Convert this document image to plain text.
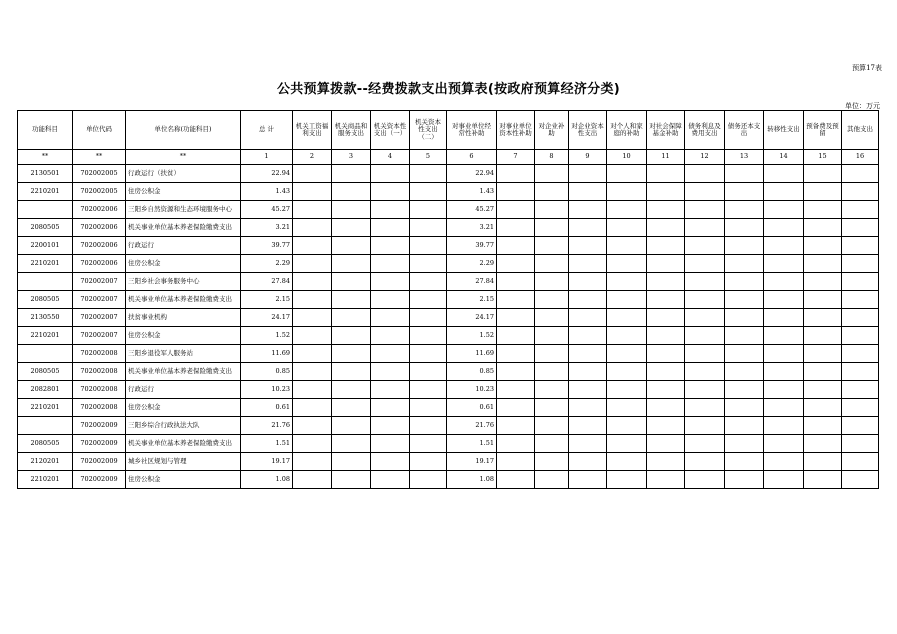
预算17表
公共预算拨款--经费拨款支出预算表(按政府预算经济分类)
单位：万元
功能科目	单位代码	单位名称(功能科目)	总 计	机关工资福利支出	机关商品和服务支出	机关资本性支出（一）	机关资本性支出（二）	对事业单位经常性补助	对事业单位资本性补助	对企业补助	对企业资本性支出	对个人和家庭的补助	对社会保障基金补助	债务利息及费用支出	债务还本支出	转移性支出	预备费及预留	其他支出
**	**	**	1	2	3	4	5	6	7	8	9	10	11	12	13	14	15	16
2130501	702002005	行政运行（扶贫）	22.94					22.94										
2210201	702002005	住房公积金	1.43					1.43										
	702002006	三阳乡自然资源和生态环境服务中心	45.27					45.27										
2080505	702002006	机关事业单位基本养老保险缴费支出	3.21					3.21										
2200101	702002006	行政运行	39.77					39.77										
2210201	702002006	住房公积金	2.29					2.29										
	702002007	三阳乡社会事务服务中心	27.84					27.84										
2080505	702002007	机关事业单位基本养老保险缴费支出	2.15					2.15										
2130550	702002007	扶贫事业机构	24.17					24.17										
2210201	702002007	住房公积金	1.52					1.52										
	702002008	三阳乡退役军人服务站	11.69					11.69										
2080505	702002008	机关事业单位基本养老保险缴费支出	0.85					0.85										
2082801	702002008	行政运行	10.23					10.23										
2210201	702002008	住房公积金	0.61					0.61										
	702002009	三阳乡综合行政执法大队	21.76					21.76										
2080505	702002009	机关事业单位基本养老保险缴费支出	1.51					1.51										
2120201	702002009	城乡社区规划与管理	19.17					19.17										
2210201	702002009	住房公积金	1.08					1.08										
